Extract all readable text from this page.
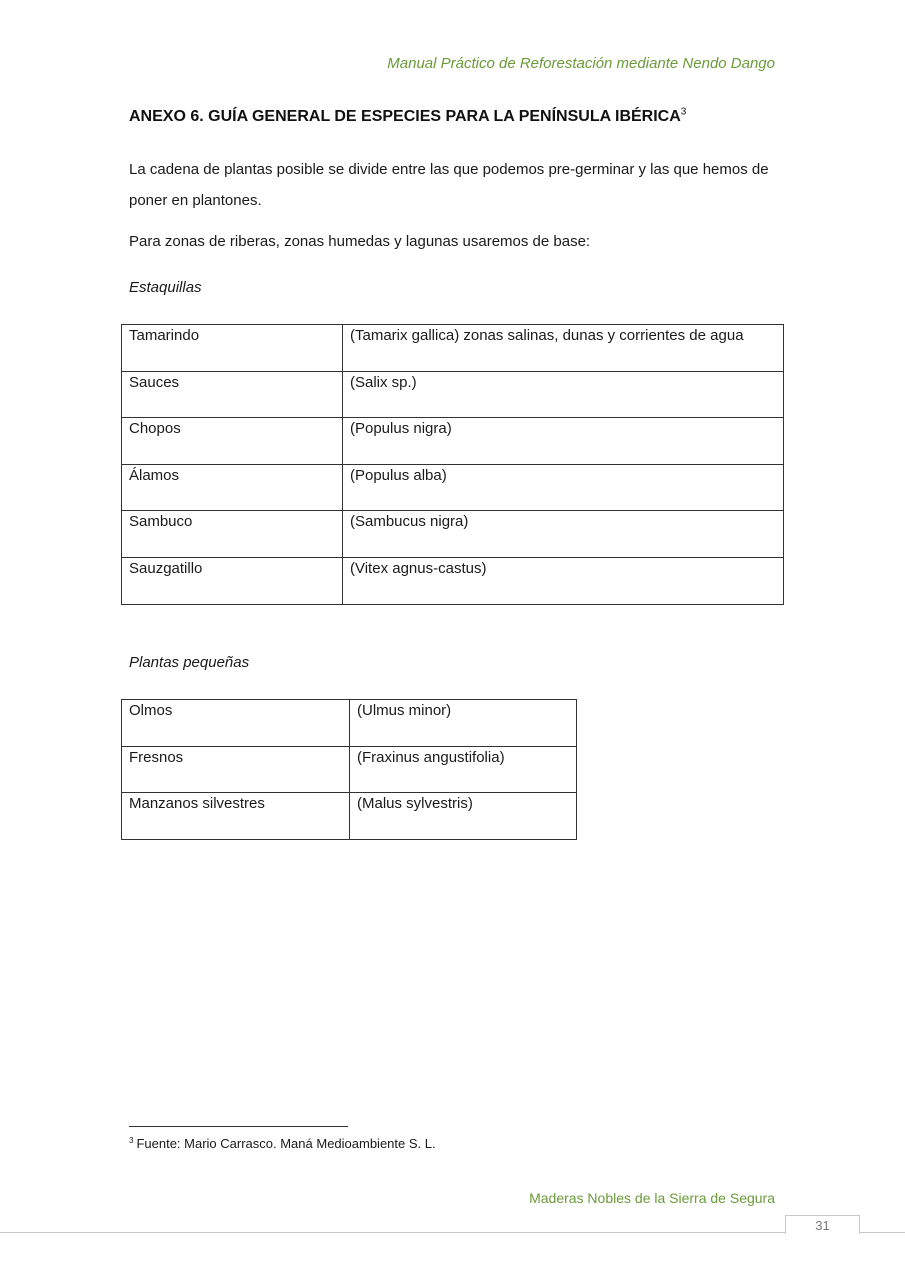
Manual Práctico de Reforestación mediante Nendo Dango
ANEXO 6. GUÍA GENERAL DE ESPECIES PARA LA PENÍNSULA IBÉRICA$^3$
La cadena de plantas posible se divide entre las que podemos pre-germinar y las que hemos de poner en plantones.
Para zonas de riberas, zonas humedas y lagunas usaremos de base:
Estaquillas
Tamarindo	(Tamarix gallica) zonas salinas, dunas y corrientes de agua
Sauces	(Salix sp.)
Chopos	(Populus nigra)
Álamos	(Populus alba)
Sambuco	(Sambucus nigra)
Sauzgatillo	(Vitex agnus-castus)
Plantas pequeñas
Olmos	(Ulmus minor)
Fresnos	(Fraxinus angustifolia)
Manzanos silvestres	(Malus sylvestris)
$^3$ Fuente: Mario Carrasco. Maná Medioambiente S. L.
Maderas Nobles de la Sierra de Segura
31
